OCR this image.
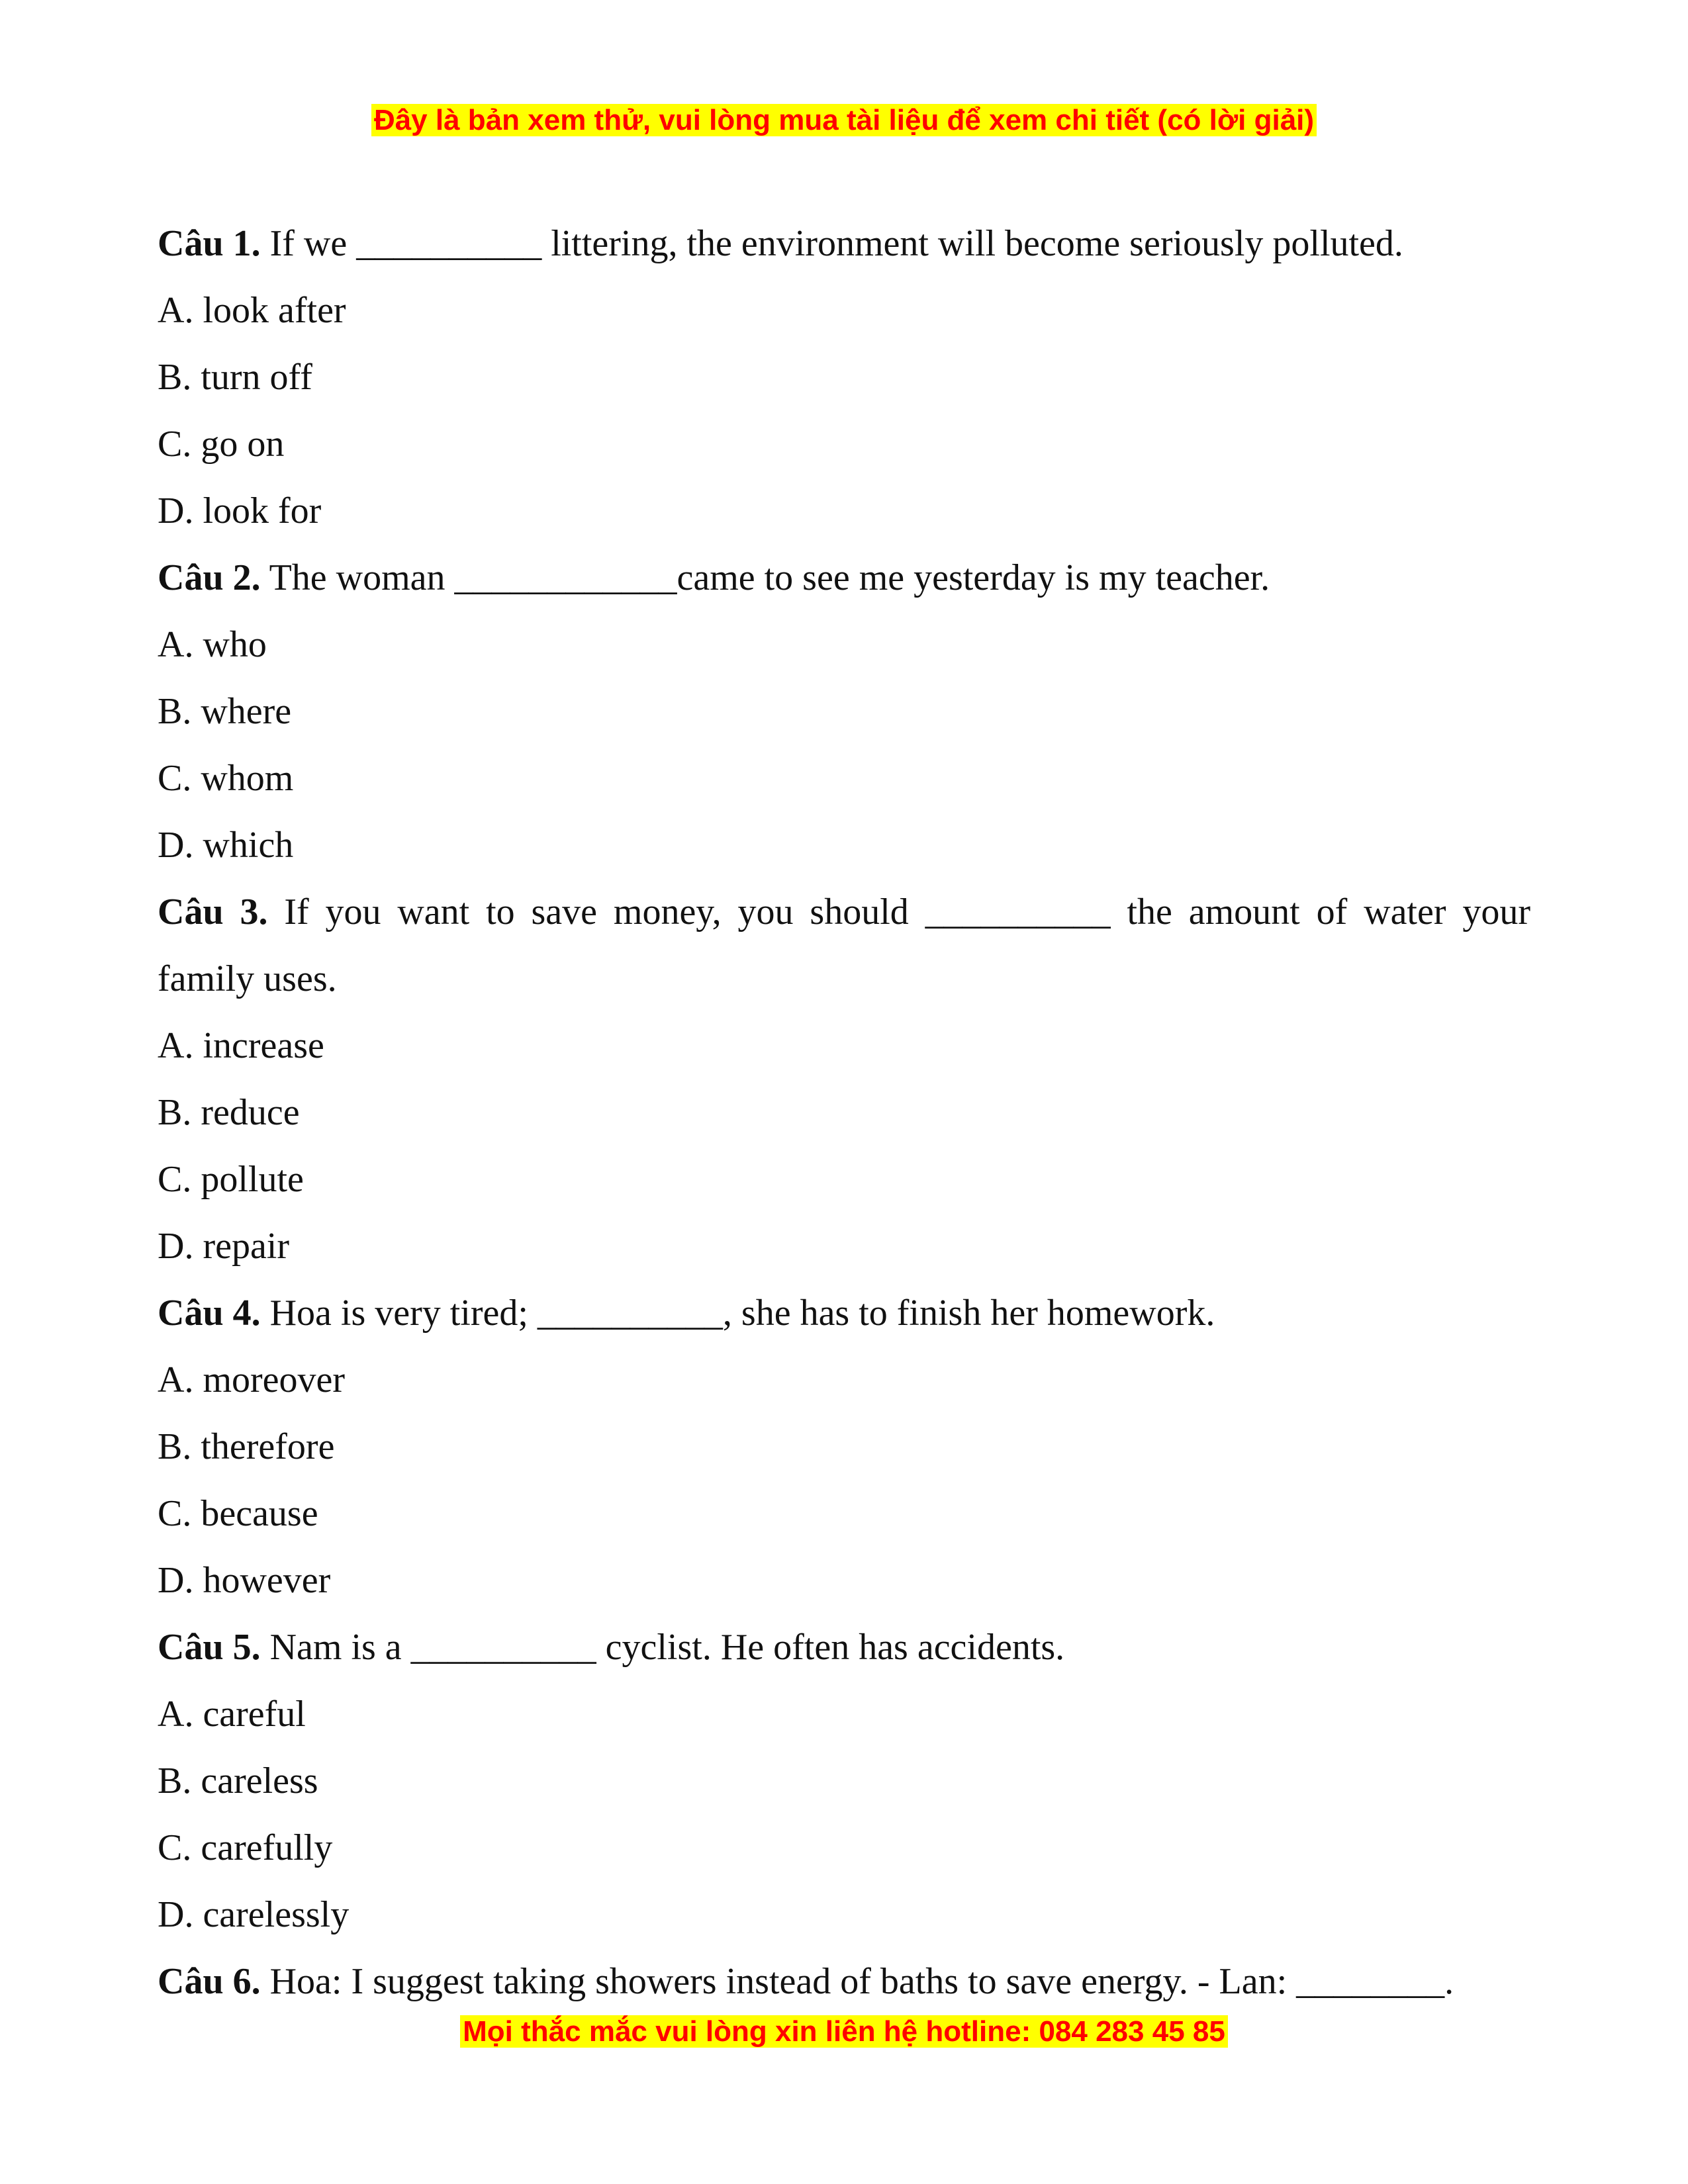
Đây là bản xem thử, vui lòng mua tài liệu để xem chi tiết (có lời giải)
Câu 1. If we __________ littering, the environment will become seriously polluted.
A. look after
B. turn off
C. go on
D. look for
Câu 2. The woman ____________came to see me yesterday is my teacher.
A. who
B. where
C. whom
D. which
Câu 3. If you want to save money, you should __________ the amount of water your
family uses.
A. increase
B. reduce
C. pollute
D. repair
Câu 4. Hoa is very tired; __________, she has to finish her homework.
A. moreover
B. therefore
C. because
D. however
Câu 5. Nam is a __________ cyclist. He often has accidents.
A. careful
B. careless
C. carefully
D. carelessly
Câu 6. Hoa: I suggest taking showers instead of baths to save energy. - Lan: ________.
Mọi thắc mắc vui lòng xin liên hệ hotline: 084 283 45 85
